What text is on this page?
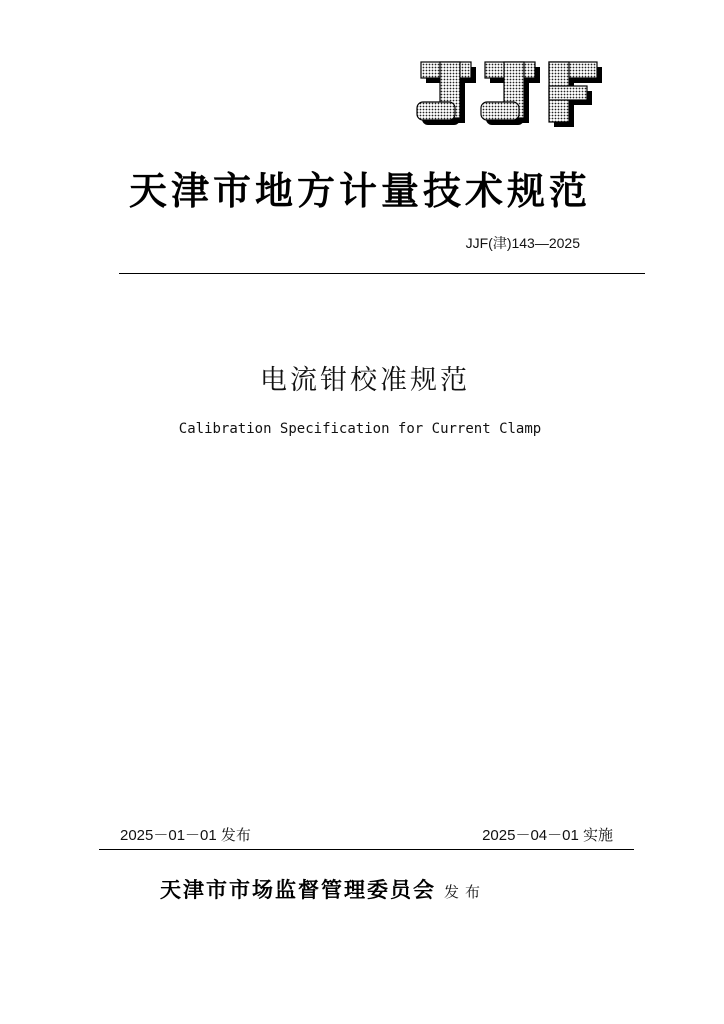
天津市地方计量技术规范
JJF(津)143—2025
电流钳校准规范
Calibration Specification for Current Clamp
2025－01－01 发布	2025－04－01 实施
天津市市场监督管理委员会 发布
